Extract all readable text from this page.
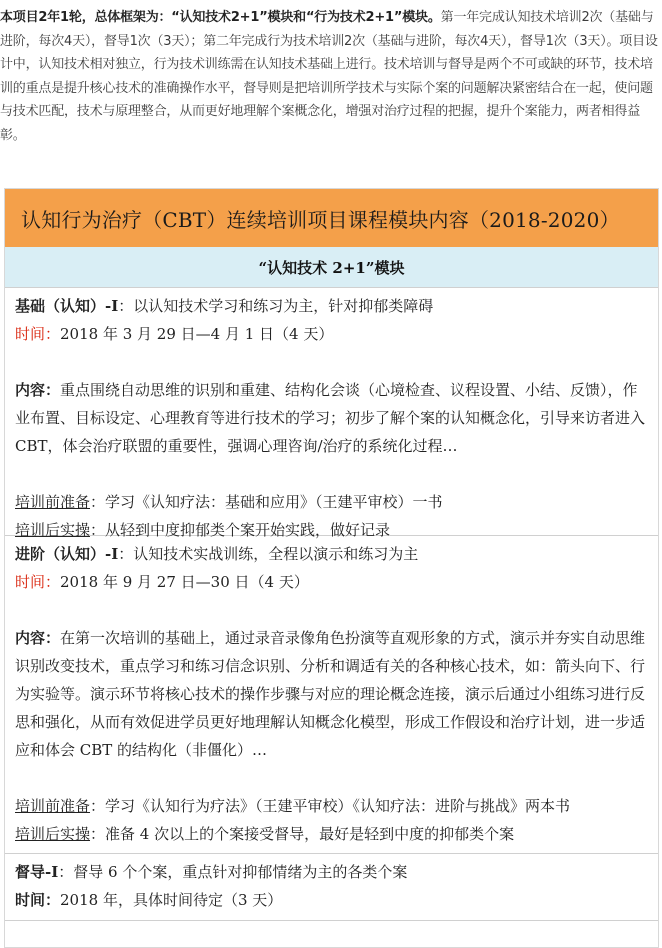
本项目2年1轮，总体框架为：“认知技术2+1”模块和“行为技术2+1”模块。第一年完成认知技术培训2次（基础与进阶，每次4天），督导1次（3天）；第二年完成行为技术培训2次（基础与进阶，每次4天），督导1次（3天）。项目设计中，认知技术相对独立，行为技术训练需在认知技术基础上进行。技术培训与督导是两个不可或缺的环节，技术培训的重点是提升核心技术的准确操作水平，督导则是把培训所学技术与实际个案的问题解决紧密结合在一起，使问题与技术匹配，技术与原理整合，从而更好地理解个案概念化，增强对治疗过程的把握，提升个案能力，两者相得益彰。
认知行为治疗（CBT）连续培训项目课程模块内容（2018-2020）
“认知技术 2+1”模块

基础（认知）-Ⅰ：以认知技术学习和练习为主，针对抑郁类障碍

时间：2018 年 3 月 29 日—4 月 1 日（4 天）

内容：重点围绕自动思维的识别和重建、结构化会谈（心境检查、议程设置、小结、反馈），作业布置、目标设定、心理教育等进行技术的学习；初步了解个案的认知概念化，引导来访者进入 CBT，体会治疗联盟的重要性，强调心理咨询/治疗的系统化过程…

培训前准备：学习《认知疗法：基础和应用》（王建平审校）一书

培训后实操：从轻到中度抑郁类个案开始实践，做好记录

进阶（认知）-Ⅰ：认知技术实战训练，全程以演示和练习为主

时间：2018 年 9 月 27 日—30 日（4 天）

内容：在第一次培训的基础上，通过录音录像角色扮演等直观形象的方式，演示并夯实自动思维识别改变技术，重点学习和练习信念识别、分析和调适有关的各种核心技术，如：箭头向下、行为实验等。演示环节将核心技术的操作步骤与对应的理论概念连接，演示后通过小组练习进行反思和强化，从而有效促进学员更好地理解认知概念化模型，形成工作假设和治疗计划，进一步适应和体会 CBT 的结构化（非僵化）…

培训前准备：学习《认知行为疗法》（王建平审校）《认知疗法：进阶与挑战》两本书

培训后实操：准备 4 次以上的个案接受督导，最好是轻到中度的抑郁类个案

督导-Ⅰ：督导 6 个个案，重点针对抑郁情绪为主的各类个案

时间：2018 年，具体时间待定（3 天）
